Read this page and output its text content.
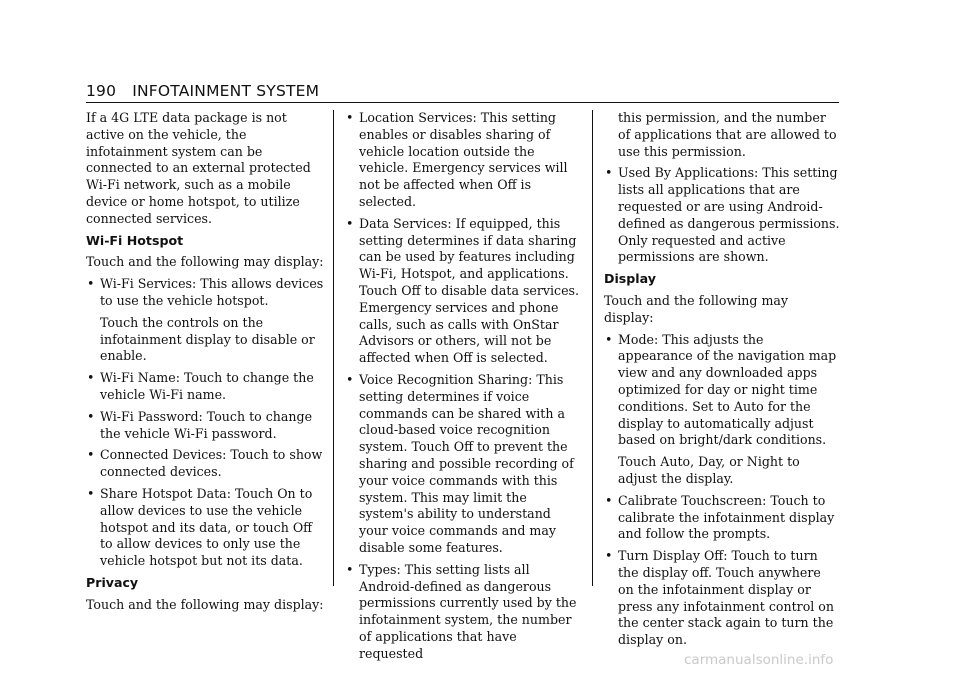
190 INFOTAINMENT SYSTEM

If a 4G LTE data package is not active on the vehicle, the infotainment system can be connected to an external protected Wi-Fi network, such as a mobile device or home hotspot, to utilize connected services.

Wi-Fi Hotspot

Touch and the following may display:

• Wi-Fi Services: This allows devices to use the vehicle hotspot.

Touch the controls on the infotainment display to disable or enable.

• Wi-Fi Name: Touch to change the vehicle Wi-Fi name.
• Wi-Fi Password: Touch to change the vehicle Wi-Fi password.
• Connected Devices: Touch to show connected devices.
• Share Hotspot Data: Touch On to allow devices to use the vehicle hotspot and its data, or touch Off to allow devices to only use the vehicle hotspot but not its data.
Privacy

Touch and the following may display:

• Location Services: This setting enables or disables sharing of vehicle location outside the vehicle. Emergency services will not be affected when Off is selected.
• Data Services: If equipped, this setting determines if data sharing can be used by features including Wi-Fi, Hotspot, and applications. Touch Off to disable data services. Emergency services and phone calls, such as calls with OnStar Advisors or others, will not be affected when Off is selected.
• Voice Recognition Sharing: This setting determines if voice commands can be shared with a cloud-based voice recognition system. Touch Off to prevent the sharing and possible recording of your voice commands with this system. This may limit the system's ability to understand your voice commands and may disable some features.
• Types: This setting lists all Android-defined as dangerous permissions currently used by the infotainment system, the number of applications that have requested

this permission, and the number of applications that are allowed to use this permission.

• Used By Applications: This setting lists all applications that are requested or are using Android-defined as dangerous permissions. Only requested and active permissions are shown.
Display

Touch and the following may display:

• Mode: This adjusts the appearance of the navigation map view and any downloaded apps optimized for day or night time conditions. Set to Auto for the display to automatically adjust based on bright/dark conditions.

Touch Auto, Day, or Night to adjust the display.

• Calibrate Touchscreen: Touch to calibrate the infotainment display and follow the prompts.
• Turn Display Off: Touch to turn the display off. Touch anywhere on the infotainment display or press any infotainment control on the center stack again to turn the display on.
carmanualsonline.info
